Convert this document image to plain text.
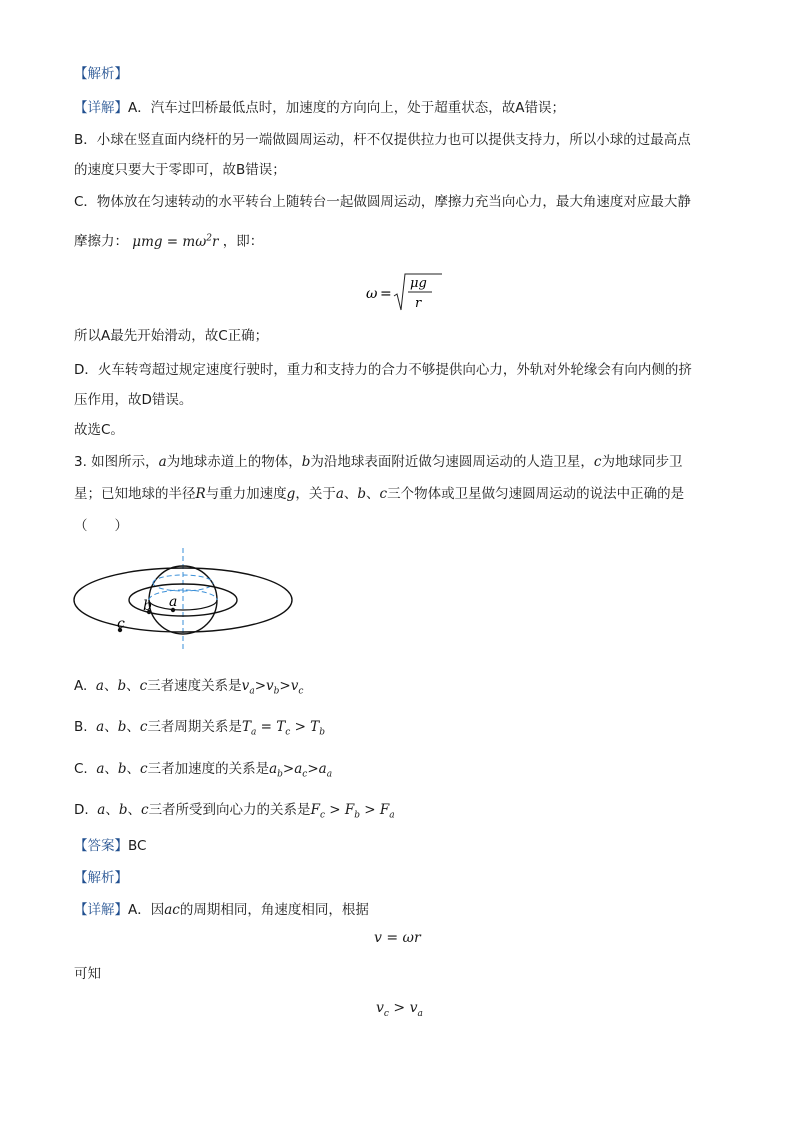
【解析】
【详解】A．汽车过凹桥最低点时，加速度的方向向上，处于超重状态，故A错误；
B．小球在竖直面内绕杆的另一端做圆周运动，杆不仅提供拉力也可以提供支持力，所以小球的过最高点
的速度只要大于零即可，故B错误；
C．物体放在匀速转动的水平转台上随转台一起做圆周运动，摩擦力充当向心力，最大角速度对应最大静
摩擦力： $\mu mg = m\omega^2r$ ，即：
ω =
μg
r
所以A最先开始滑动，故C正确；
D．火车转弯超过规定速度行驶时，重力和支持力的合力不够提供向心力，外轨对外轮缘会有向内侧的挤
压作用，故D错误。
故选C。
3. 如图所示，a为地球赤道上的物体，b为沿地球表面附近做匀速圆周运动的人造卫星，c为地球同步卫
星；已知地球的半径R与重力加速度g，关于a、b、c三个物体或卫星做匀速圆周运动的说法中正确的是
（　　）
a
b
c
A. a、b、c三者速度关系是$v_a>v_b>v_c$
B. a、b、c三者周期关系是$T_a = T_c > T_b$
C. a、b、c三者加速度的关系是$a_b>a_c>a_a$
D. a、b、c三者所受到向心力的关系是$F_c > F_b > F_a$
【答案】BC
【解析】
【详解】A．因ac的周期相同，角速度相同，根据
v = ωr
可知
$v_c > v_a$
